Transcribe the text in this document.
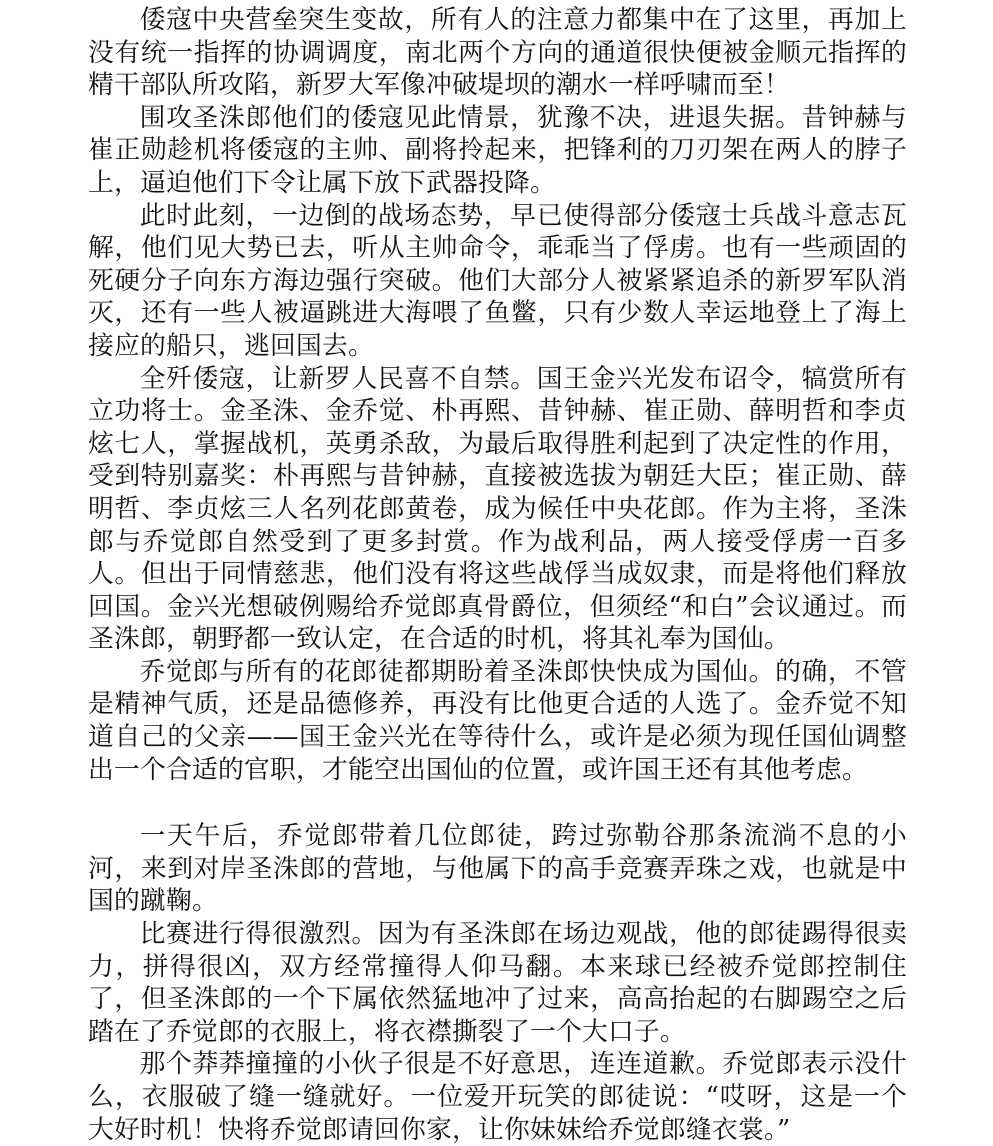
倭寇中央营垒突生变故，所有人的注意力都集中在了这里，再加上没有统一指挥的协调调度，南北两个方向的通道很快便被金顺元指挥的精干部队所攻陷，新罗大军像冲破堤坝的潮水一样呼啸而至！

围攻圣洙郎他们的倭寇见此情景，犹豫不决，进退失据。昔钟赫与崔正勋趁机将倭寇的主帅、副将拎起来，把锋利的刀刃架在两人的脖子上，逼迫他们下令让属下放下武器投降。

此时此刻，一边倒的战场态势，早已使得部分倭寇士兵战斗意志瓦解，他们见大势已去，听从主帅命令，乖乖当了俘虏。也有一些顽固的死硬分子向东方海边强行突破。他们大部分人被紧紧追杀的新罗军队消灭，还有一些人被逼跳进大海喂了鱼鳖，只有少数人幸运地登上了海上接应的船只，逃回国去。

全歼倭寇，让新罗人民喜不自禁。国王金兴光发布诏令，犒赏所有立功将士。金圣洙、金乔觉、朴再熙、昔钟赫、崔正勋、薛明哲和李贞炫七人，掌握战机，英勇杀敌，为最后取得胜利起到了决定性的作用，受到特别嘉奖：朴再熙与昔钟赫，直接被选拔为朝廷大臣；崔正勋、薛明哲、李贞炫三人名列花郎黄卷，成为候任中央花郎。作为主将，圣洙郎与乔觉郎自然受到了更多封赏。作为战利品，两人接受俘虏一百多人。但出于同情慈悲，他们没有将这些战俘当成奴隶，而是将他们释放回国。金兴光想破例赐给乔觉郎真骨爵位，但须经“和白”会议通过。而圣洙郎，朝野都一致认定，在合适的时机，将其礼奉为国仙。

乔觉郎与所有的花郎徒都期盼着圣洙郎快快成为国仙。的确，不管是精神气质，还是品德修养，再没有比他更合适的人选了。金乔觉不知道自己的父亲——国王金兴光在等待什么，或许是必须为现任国仙调整出一个合适的官职，才能空出国仙的位置，或许国王还有其他考虑。

一天午后，乔觉郎带着几位郎徒，跨过弥勒谷那条流淌不息的小河，来到对岸圣洙郎的营地，与他属下的高手竞赛弄珠之戏，也就是中国的蹴鞠。

比赛进行得很激烈。因为有圣洙郎在场边观战，他的郎徒踢得很卖力，拼得很凶，双方经常撞得人仰马翻。本来球已经被乔觉郎控制住了，但圣洙郎的一个下属依然猛地冲了过来，高高抬起的右脚踢空之后踏在了乔觉郎的衣服上，将衣襟撕裂了一个大口子。

那个莽莽撞撞的小伙子很是不好意思，连连道歉。乔觉郎表示没什么，衣服破了缝一缝就好。一位爱开玩笑的郎徒说：“哎呀，这是一个大好时机！快将乔觉郎请回你家，让你妹妹给乔觉郎缝衣裳。”
